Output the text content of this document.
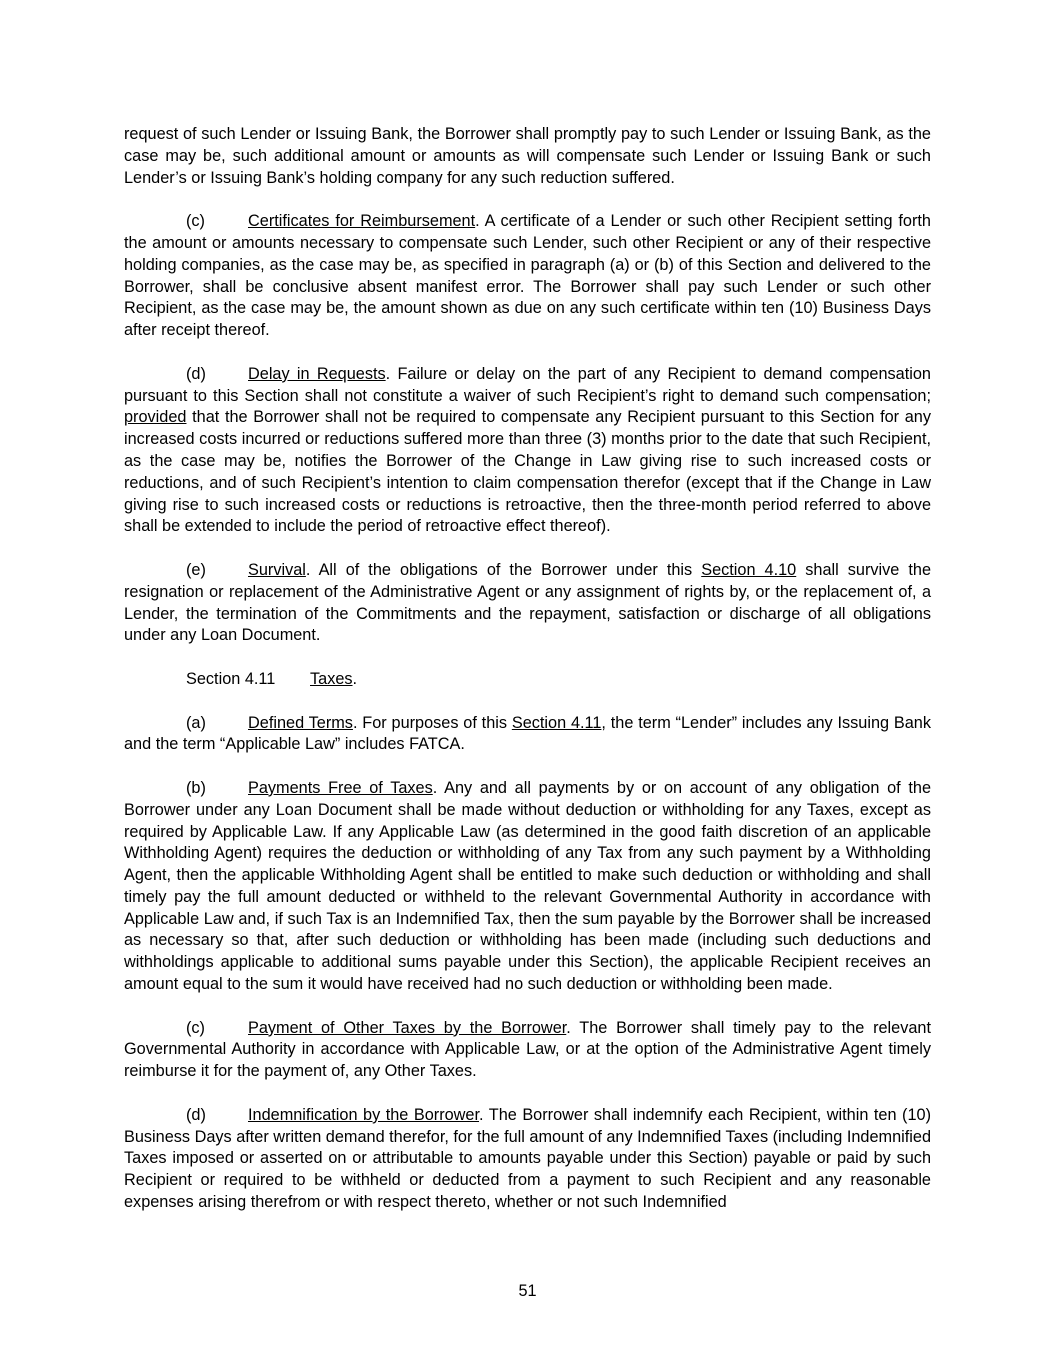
request of such Lender or Issuing Bank, the Borrower shall promptly pay to such Lender or Issuing Bank, as the case may be, such additional amount or amounts as will compensate such Lender or Issuing Bank or such Lender’s or Issuing Bank’s holding company for any such reduction suffered.

(c)	Certificates for Reimbursement. A certificate of a Lender or such other Recipient setting forth the amount or amounts necessary to compensate such Lender, such other Recipient or any of their respective holding companies, as the case may be, as specified in paragraph (a) or (b) of this Section and delivered to the Borrower, shall be conclusive absent manifest error. The Borrower shall pay such Lender or such other Recipient, as the case may be, the amount shown as due on any such certificate within ten (10) Business Days after receipt thereof.

(d)	Delay in Requests. Failure or delay on the part of any Recipient to demand compensation pursuant to this Section shall not constitute a waiver of such Recipient’s right to demand such compensation; provided that the Borrower shall not be required to compensate any Recipient pursuant to this Section for any increased costs incurred or reductions suffered more than three (3) months prior to the date that such Recipient, as the case may be, notifies the Borrower of the Change in Law giving rise to such increased costs or reductions, and of such Recipient’s intention to claim compensation therefor (except that if the Change in Law giving rise to such increased costs or reductions is retroactive, then the three-month period referred to above shall be extended to include the period of retroactive effect thereof).

(e)	Survival. All of the obligations of the Borrower under this Section 4.10 shall survive the resignation or replacement of the Administrative Agent or any assignment of rights by, or the replacement of, a Lender, the termination of the Commitments and the repayment, satisfaction or discharge of all obligations under any Loan Document.

Section 4.11 Taxes.

(a)	Defined Terms. For purposes of this Section 4.11, the term “Lender” includes any Issuing Bank and the term “Applicable Law” includes FATCA.

(b)	Payments Free of Taxes. Any and all payments by or on account of any obligation of the Borrower under any Loan Document shall be made without deduction or withholding for any Taxes, except as required by Applicable Law. If any Applicable Law (as determined in the good faith discretion of an applicable Withholding Agent) requires the deduction or withholding of any Tax from any such payment by a Withholding Agent, then the applicable Withholding Agent shall be entitled to make such deduction or withholding and shall timely pay the full amount deducted or withheld to the relevant Governmental Authority in accordance with Applicable Law and, if such Tax is an Indemnified Tax, then the sum payable by the Borrower shall be increased as necessary so that, after such deduction or withholding has been made (including such deductions and withholdings applicable to additional sums payable under this Section), the applicable Recipient receives an amount equal to the sum it would have received had no such deduction or withholding been made.

(c)	Payment of Other Taxes by the Borrower. The Borrower shall timely pay to the relevant Governmental Authority in accordance with Applicable Law, or at the option of the Administrative Agent timely reimburse it for the payment of, any Other Taxes.

(d)	Indemnification by the Borrower. The Borrower shall indemnify each Recipient, within ten (10) Business Days after written demand therefor, for the full amount of any Indemnified Taxes (including Indemnified Taxes imposed or asserted on or attributable to amounts payable under this Section) payable or paid by such Recipient or required to be withheld or deducted from a payment to such Recipient and any reasonable expenses arising therefrom or with respect thereto, whether or not such Indemnified

51
